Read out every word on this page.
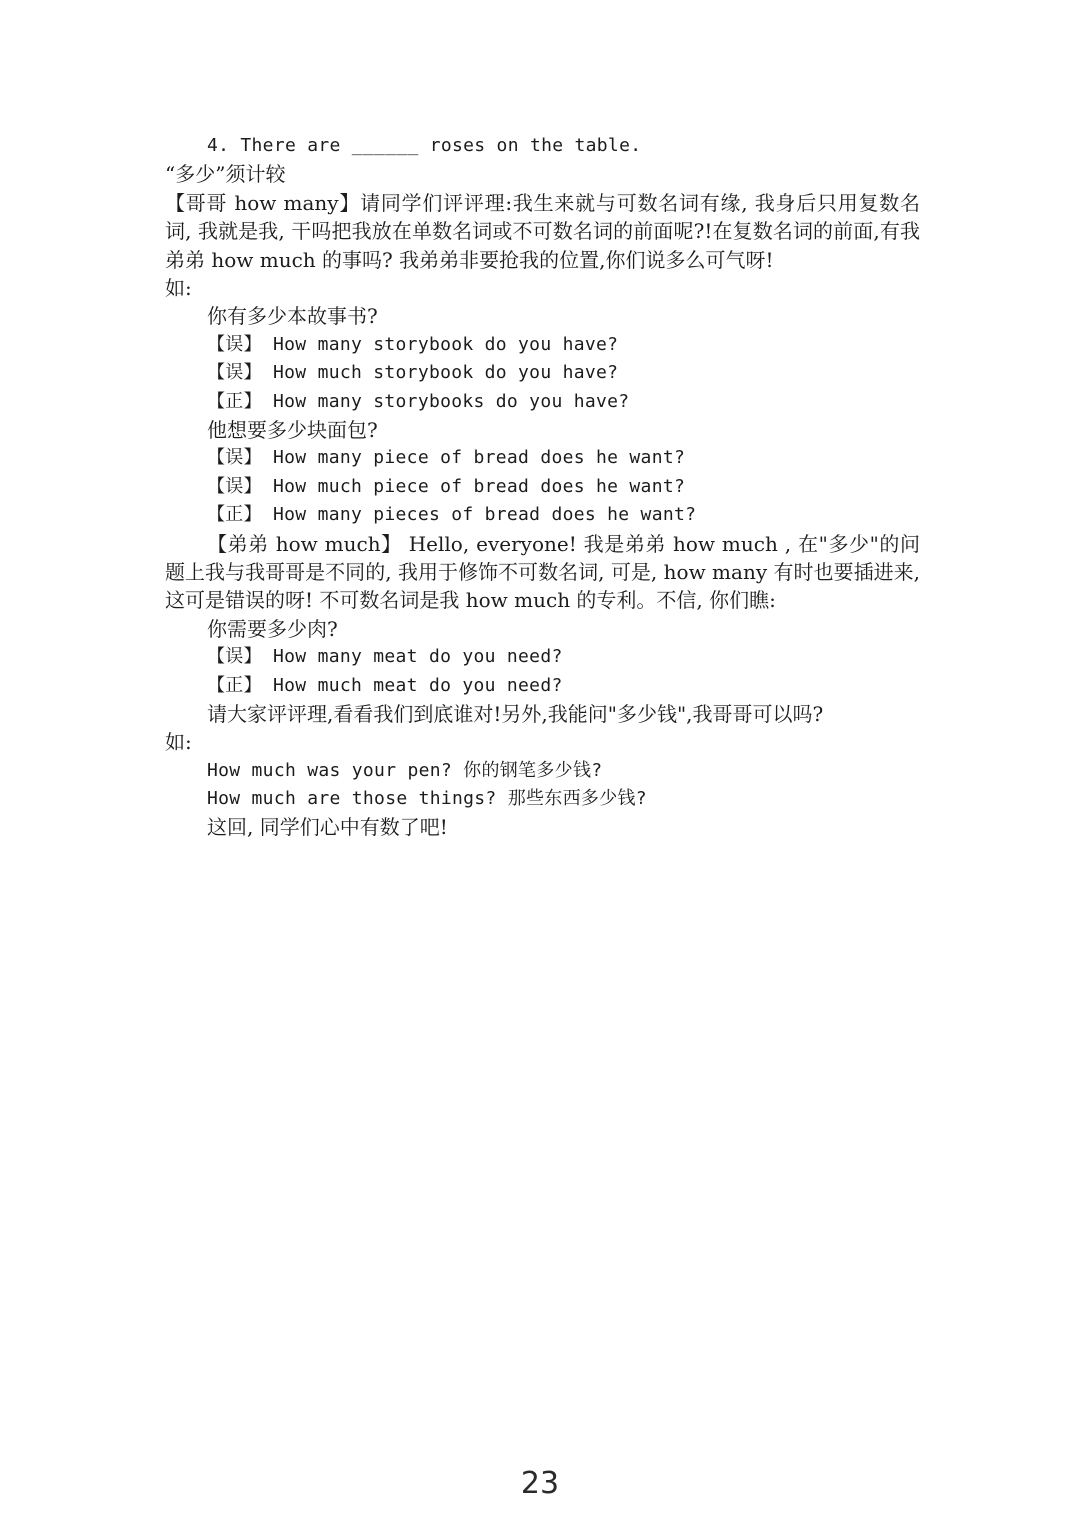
4. There are ______ roses on the table.
“多少”须计较
【哥哥 how many】请同学们评评理:我生来就与可数名词有缘, 我身后只用复数名词, 我就是我, 干吗把我放在单数名词或不可数名词的前面呢?!在复数名词的前面,有我弟弟 how much 的事吗? 我弟弟非要抢我的位置,你们说多么可气呀!
如:
你有多少本故事书?
【误】 How many storybook do you have?
【误】 How much storybook do you have?
【正】 How many storybooks do you have?
他想要多少块面包?
【误】 How many piece of bread does he want?
【误】 How much piece of bread does he want?
【正】 How many pieces of bread does he want?
【弟弟 how much】 Hello, everyone! 我是弟弟 how much , 在"多少"的问题上我与我哥哥是不同的, 我用于修饰不可数名词, 可是, how many 有时也要插进来, 这可是错误的呀! 不可数名词是我 how much 的专利。不信, 你们瞧:
你需要多少肉?
【误】 How many meat do you need?
【正】 How much meat do you need?
请大家评评理,看看我们到底谁对!另外,我能问"多少钱",我哥哥可以吗?
如:
How much was your pen? 你的钢笔多少钱?
How much are those things? 那些东西多少钱?
这回, 同学们心中有数了吧!
23
